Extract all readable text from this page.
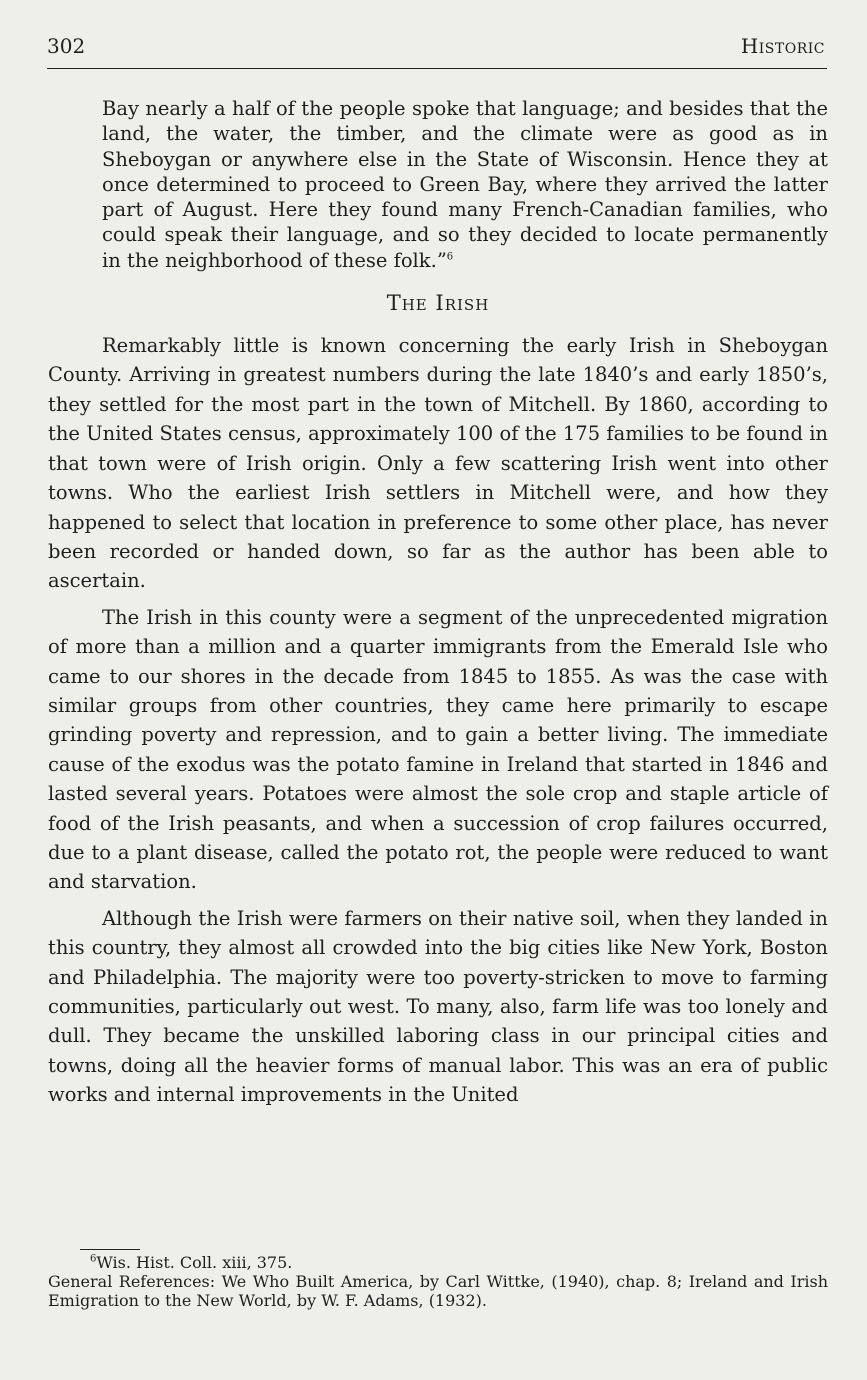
302	Historic

Bay nearly a half of the people spoke that language; and besides that the land, the water, the timber, and the climate were as good as in Sheboygan or anywhere else in the State of Wisconsin. Hence they at once determined to proceed to Green Bay, where they arrived the latter part of August. Here they found many French-Canadian families, who could speak their language, and so they decided to locate permanently in the neighborhood of these folk.”$^6$

The Irish

Remarkably little is known concerning the early Irish in Sheboygan County. Arriving in greatest numbers during the late 1840’s and early 1850’s, they settled for the most part in the town of Mitchell. By 1860, according to the United States census, approximately 100 of the 175 families to be found in that town were of Irish origin. Only a few scattering Irish went into other towns. Who the earliest Irish settlers in Mitchell were, and how they happened to select that location in preference to some other place, has never been recorded or handed down, so far as the author has been able to ascertain.

The Irish in this county were a segment of the unprecedented migration of more than a million and a quarter immigrants from the Emerald Isle who came to our shores in the decade from 1845 to 1855. As was the case with similar groups from other countries, they came here primarily to escape grinding poverty and repression, and to gain a better living. The immediate cause of the exodus was the potato famine in Ireland that started in 1846 and lasted several years. Potatoes were almost the sole crop and staple article of food of the Irish peasants, and when a succession of crop failures occurred, due to a plant disease, called the potato rot, the people were reduced to want and starvation.

Although the Irish were farmers on their native soil, when they landed in this country, they almost all crowded into the big cities like New York, Boston and Philadelphia. The majority were too poverty-stricken to move to farming communities, particularly out west. To many, also, farm life was too lonely and dull. They became the unskilled laboring class in our principal cities and towns, doing all the heavier forms of manual labor. This was an era of public works and internal improvements in the United

$^6$Wis. Hist. Coll. xiii, 375.

General References: We Who Built America, by Carl Wittke, (1940), chap. 8; Ireland and Irish Emigration to the New World, by W. F. Adams, (1932).
